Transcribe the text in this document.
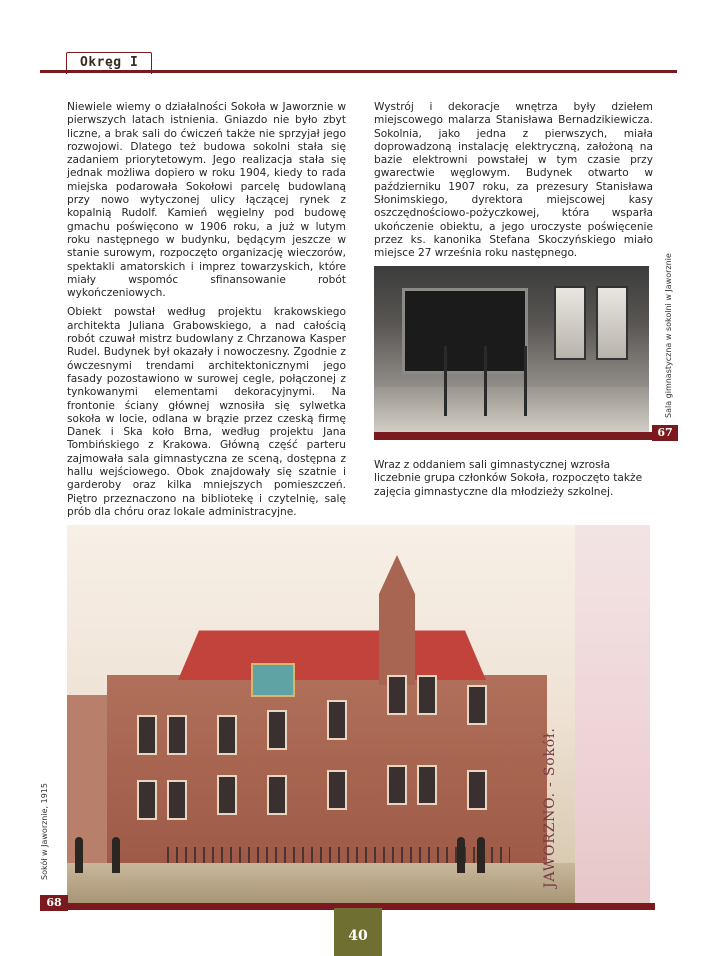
Okręg I

Niewiele wiemy o działalności Sokoła w Jaworznie w pierwszych latach istnienia. Gniazdo nie było zbyt liczne, a brak sali do ćwiczeń także nie sprzyjał jego rozwojowi. Dlatego też budowa sokolni stała się zadaniem priorytetowym. Jego realizacja stała się jednak możliwa dopiero w roku 1904, kiedy to rada miejska podarowała Sokołowi parcelę budowlaną przy nowo wytyczonej ulicy łączącej rynek z kopalnią Rudolf. Kamień węgielny pod budowę gmachu poświęcono w 1906 roku, a już w lutym roku następnego w budynku, będącym jeszcze w stanie surowym, rozpoczęto organizację wieczorów, spektakli amatorskich i imprez towarzyskich, które miały wspomóc sfinansowanie robót wykończeniowych.

Obiekt powstał według projektu krakowskiego architekta Juliana Grabowskiego, a nad całością robót czuwał mistrz budowlany z Chrzanowa Kasper Rudel. Budynek był okazały i nowoczesny. Zgodnie z ówczesnymi trendami architektonicznymi jego fasady pozostawiono w surowej cegle, połączonej z tynkowanymi elementami dekoracyjnymi. Na frontonie ściany głównej wznosiła się sylwetka sokoła w locie, odlana w brązie przez czeską firmę Danek i Ska koło Brna, według projektu Jana Tombińskiego z Krakowa. Główną część parteru zajmowała sala gimnastyczna ze sceną, dostępna z hallu wejściowego. Obok znajdowały się szatnie i garderoby oraz kilka mniejszych pomieszczeń. Piętro przeznaczono na bibliotekę i czytelnię, salę prób dla chóru oraz lokale administracyjne.

Wystrój i dekoracje wnętrza były dziełem miejscowego malarza Stanisława Bernadzikiewicza. Sokolnia, jako jedna z pierwszych, miała doprowadzoną instalację elektryczną, założoną na bazie elektrowni powstałej w tym czasie przy gwarectwie węglowym. Budynek otwarto w październiku 1907 roku, za prezesury Stanisława Słonimskiego, dyrektora miejscowej kasy oszczędnościowo-pożyczkowej, która wsparła ukończenie obiektu, a jego uroczyste poświęcenie przez ks. kanonika Stefana Skoczyńskiego miało miejsce 27 września roku następnego.

67
Sala gimnastyczna w sokolni w Jaworznie
Wraz z oddaniem sali gimnastycznej wzrosła liczebnie grupa członków Sokoła, rozpoczęto także zajęcia gimnastyczne dla młodzieży szkolnej.
JAWORZNO. - Sokół.
Sokół w Jaworznie, 1915
68
40
